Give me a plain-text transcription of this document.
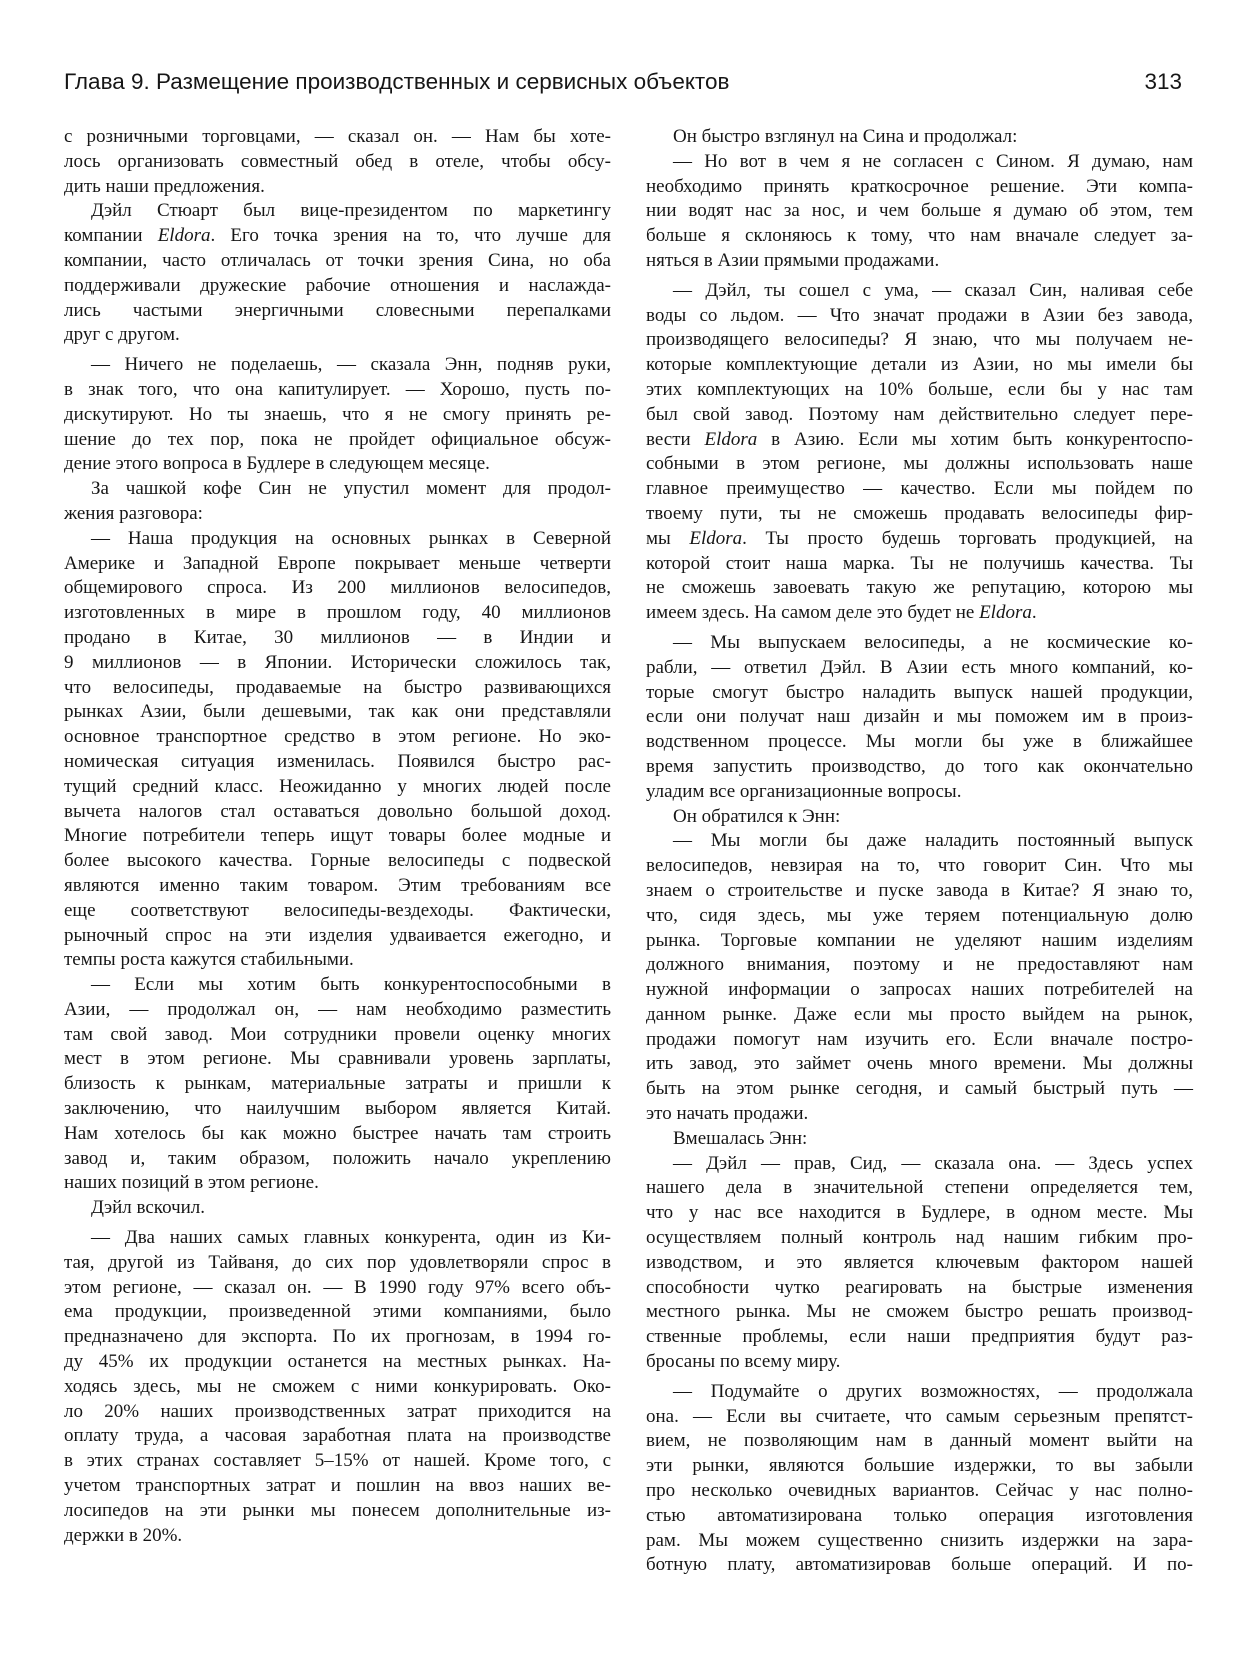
Глава 9. Размещение производственных и сервисных объектов	313
с розничными торговцами, — сказал он. — Нам бы хоте-
лось организовать совместный обед в отеле, чтобы обсу-
дить наши предложения.
Дэйл Стюарт был вице-президентом по маркетингу
компании Eldora. Его точка зрения на то, что лучше для
компании, часто отличалась от точки зрения Сина, но оба
поддерживали дружеские рабочие отношения и наслажда-
лись частыми энергичными словесными перепалками
друг с другом.
— Ничего не поделаешь, — сказала Энн, подняв руки,
в знак того, что она капитулирует. — Хорошо, пусть по-
дискутируют. Но ты знаешь, что я не смогу принять ре-
шение до тех пор, пока не пройдет официальное обсуж-
дение этого вопроса в Будлере в следующем месяце.
За чашкой кофе Син не упустил момент для продол-
жения разговора:
— Наша продукция на основных рынках в Северной
Америке и Западной Европе покрывает меньше четверти
общемирового спроса. Из 200 миллионов велосипедов,
изготовленных в мире в прошлом году, 40 миллионов
продано в Китае, 30 миллионов — в Индии и
9 миллионов — в Японии. Исторически сложилось так,
что велосипеды, продаваемые на быстро развивающихся
рынках Азии, были дешевыми, так как они представляли
основное транспортное средство в этом регионе. Но эко-
номическая ситуация изменилась. Появился быстро рас-
тущий средний класс. Неожиданно у многих людей после
вычета налогов стал оставаться довольно большой доход.
Многие потребители теперь ищут товары более модные и
более высокого качества. Горные велосипеды с подвеской
являются именно таким товаром. Этим требованиям все
еще соответствуют велосипеды-вездеходы. Фактически,
рыночный спрос на эти изделия удваивается ежегодно, и
темпы роста кажутся стабильными.
— Если мы хотим быть конкурентоспособными в
Азии, — продолжал он, — нам необходимо разместить
там свой завод. Мои сотрудники провели оценку многих
мест в этом регионе. Мы сравнивали уровень зарплаты,
близость к рынкам, материальные затраты и пришли к
заключению, что наилучшим выбором является Китай.
Нам хотелось бы как можно быстрее начать там строить
завод и, таким образом, положить начало укреплению
наших позиций в этом регионе.
Дэйл вскочил.
— Два наших самых главных конкурента, один из Ки-
тая, другой из Тайваня, до сих пор удовлетворяли спрос в
этом регионе, — сказал он. — В 1990 году 97% всего объ-
ема продукции, произведенной этими компаниями, было
предназначено для экспорта. По их прогнозам, в 1994 го-
ду 45% их продукции останется на местных рынках. На-
ходясь здесь, мы не сможем с ними конкурировать. Око-
ло 20% наших производственных затрат приходится на
оплату труда, а часовая заработная плата на производстве
в этих странах составляет 5–15% от нашей. Кроме того, с
учетом транспортных затрат и пошлин на ввоз наших ве-
лосипедов на эти рынки мы понесем дополнительные из-
держки в 20%.
Он быстро взглянул на Сина и продолжал:
— Но вот в чем я не согласен с Сином. Я думаю, нам
необходимо принять краткосрочное решение. Эти компа-
нии водят нас за нос, и чем больше я думаю об этом, тем
больше я склоняюсь к тому, что нам вначале следует за-
няться в Азии прямыми продажами.
— Дэйл, ты сошел с ума, — сказал Син, наливая себе
воды со льдом. — Что значат продажи в Азии без завода,
производящего велосипеды? Я знаю, что мы получаем не-
которые комплектующие детали из Азии, но мы имели бы
этих комплектующих на 10% больше, если бы у нас там
был свой завод. Поэтому нам действительно следует пере-
вести Eldora в Азию. Если мы хотим быть конкурентоспо-
собными в этом регионе, мы должны использовать наше
главное преимущество — качество. Если мы пойдем по
твоему пути, ты не сможешь продавать велосипеды фир-
мы Eldora. Ты просто будешь торговать продукцией, на
которой стоит наша марка. Ты не получишь качества. Ты
не сможешь завоевать такую же репутацию, которою мы
имеем здесь. На самом деле это будет не Eldora.
— Мы выпускаем велосипеды, а не космические ко-
рабли, — ответил Дэйл. В Азии есть много компаний, ко-
торые смогут быстро наладить выпуск нашей продукции,
если они получат наш дизайн и мы поможем им в произ-
водственном процессе. Мы могли бы уже в ближайшее
время запустить производство, до того как окончательно
уладим все организационные вопросы.
Он обратился к Энн:
— Мы могли бы даже наладить постоянный выпуск
велосипедов, невзирая на то, что говорит Син. Что мы
знаем о строительстве и пуске завода в Китае? Я знаю то,
что, сидя здесь, мы уже теряем потенциальную долю
рынка. Торговые компании не уделяют нашим изделиям
должного внимания, поэтому и не предоставляют нам
нужной информации о запросах наших потребителей на
данном рынке. Даже если мы просто выйдем на рынок,
продажи помогут нам изучить его. Если вначале постро-
ить завод, это займет очень много времени. Мы должны
быть на этом рынке сегодня, и самый быстрый путь —
это начать продажи.
Вмешалась Энн:
— Дэйл — прав, Сид, — сказала она. — Здесь успех
нашего дела в значительной степени определяется тем,
что у нас все находится в Будлере, в одном месте. Мы
осуществляем полный контроль над нашим гибким про-
изводством, и это является ключевым фактором нашей
способности чутко реагировать на быстрые изменения
местного рынка. Мы не сможем быстро решать производ-
ственные проблемы, если наши предприятия будут раз-
бросаны по всему миру.
— Подумайте о других возможностях, — продолжала
она. — Если вы считаете, что самым серьезным препятст-
вием, не позволяющим нам в данный момент выйти на
эти рынки, являются большие издержки, то вы забыли
про несколько очевидных вариантов. Сейчас у нас полно-
стью автоматизирована только операция изготовления
рам. Мы можем существенно снизить издержки на зара-
ботную плату, автоматизировав больше операций. И по-
